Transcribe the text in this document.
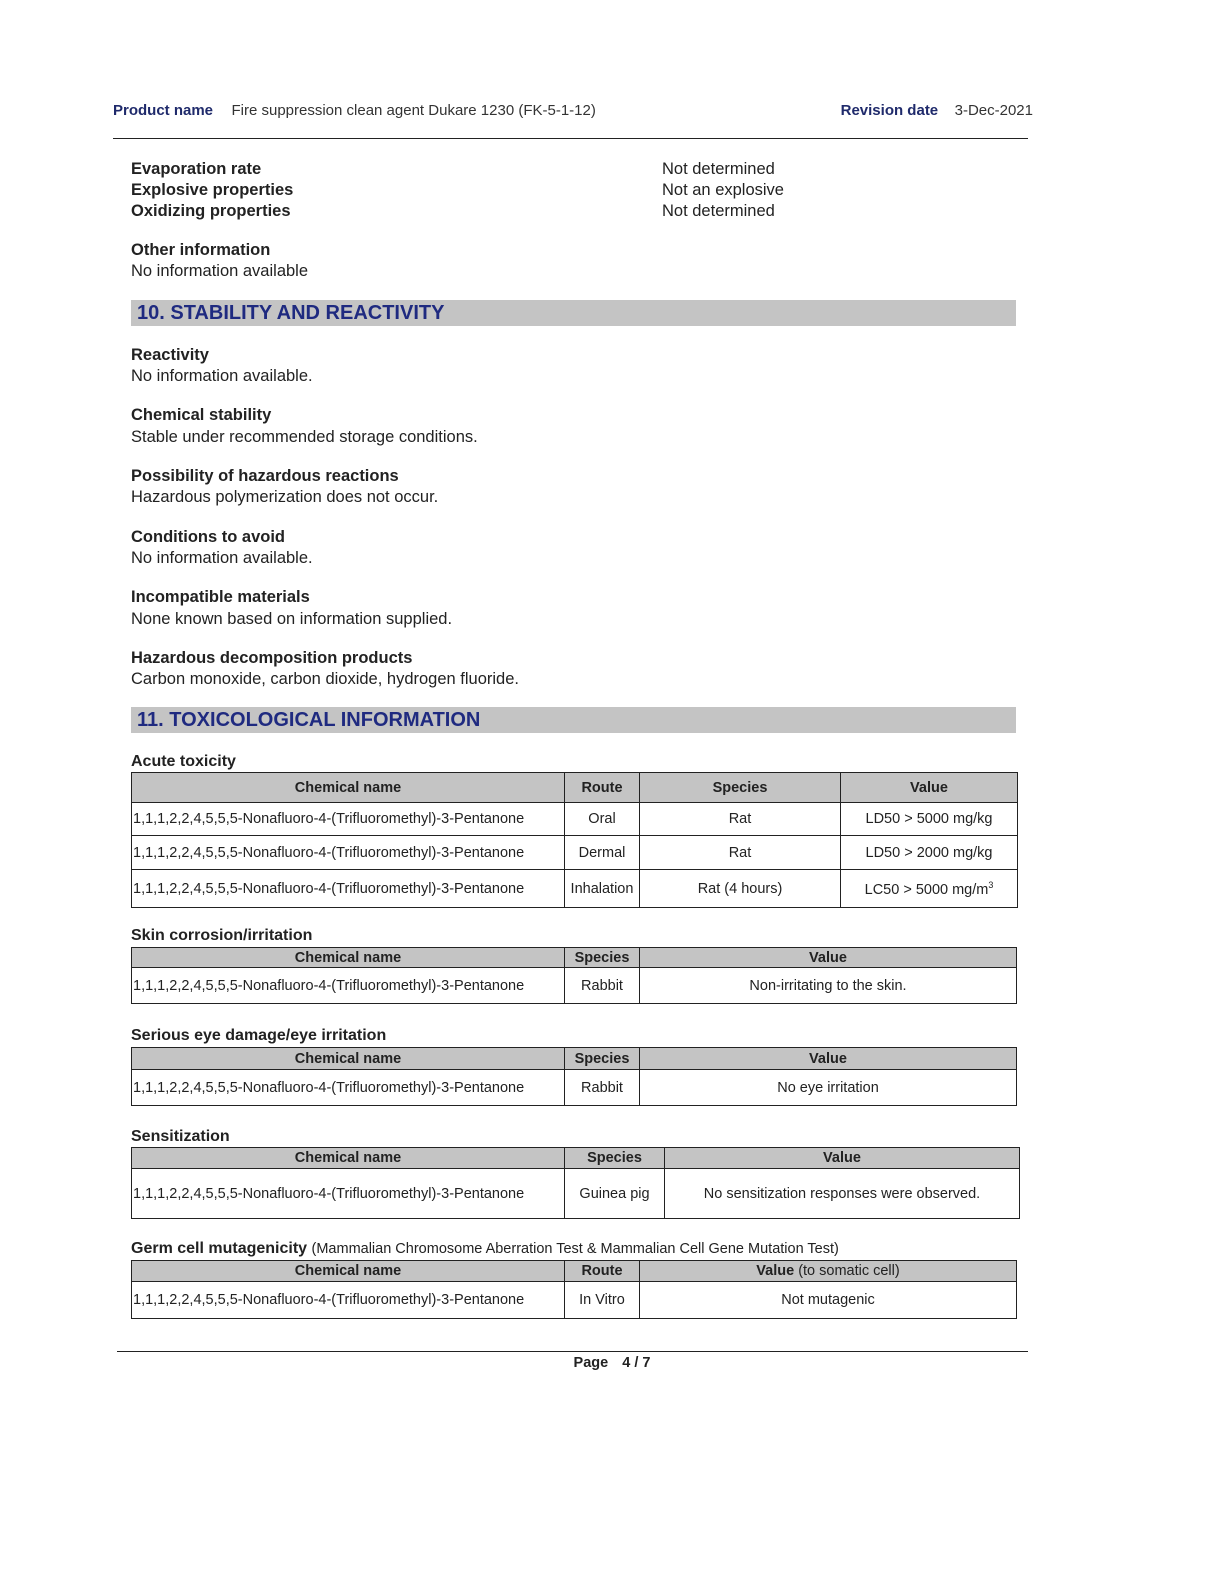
Product name Fire suppression clean agent Dukare 1230 (FK-5-1-12)	Revision date 3-Dec-2021
Evaporation rate	Not determined
Explosive properties	Not an explosive
Oxidizing properties	Not determined
Other information
No information available
10. STABILITY AND REACTIVITY
Reactivity
No information available.
Chemical stability
Stable under recommended storage conditions.
Possibility of hazardous reactions
Hazardous polymerization does not occur.
Conditions to avoid
No information available.
Incompatible materials
None known based on information supplied.
Hazardous decomposition products
Carbon monoxide, carbon dioxide, hydrogen fluoride.
11. TOXICOLOGICAL INFORMATION
Acute toxicity
Chemical name	Route	Species	Value
1,1,1,2,2,4,5,5,5-Nonafluoro-4-(Trifluoromethyl)-3-Pentanone	Oral	Rat	LD50 > 5000 mg/kg
1,1,1,2,2,4,5,5,5-Nonafluoro-4-(Trifluoromethyl)-3-Pentanone	Dermal	Rat	LD50 > 2000 mg/kg
1,1,1,2,2,4,5,5,5-Nonafluoro-4-(Trifluoromethyl)-3-Pentanone	Inhalation	Rat (4 hours)	LC50 > 5000 $mg/m^3$
Skin corrosion/irritation
Chemical name	Species	Value
1,1,1,2,2,4,5,5,5-Nonafluoro-4-(Trifluoromethyl)-3-Pentanone	Rabbit	Non-irritating to the skin.
Serious eye damage/eye irritation
Chemical name	Species	Value
1,1,1,2,2,4,5,5,5-Nonafluoro-4-(Trifluoromethyl)-3-Pentanone	Rabbit	No eye irritation
Sensitization
Chemical name	Species	Value
1,1,1,2,2,4,5,5,5-Nonafluoro-4-(Trifluoromethyl)-3-Pentanone	Guinea pig	No sensitization responses were observed.
Germ cell mutagenicity (Mammalian Chromosome Aberration Test & Mammalian Cell Gene Mutation Test)
Chemical name	Route	Value (to somatic cell)
1,1,1,2,2,4,5,5,5-Nonafluoro-4-(Trifluoromethyl)-3-Pentanone	In Vitro	Not mutagenic
Page 4 / 7
